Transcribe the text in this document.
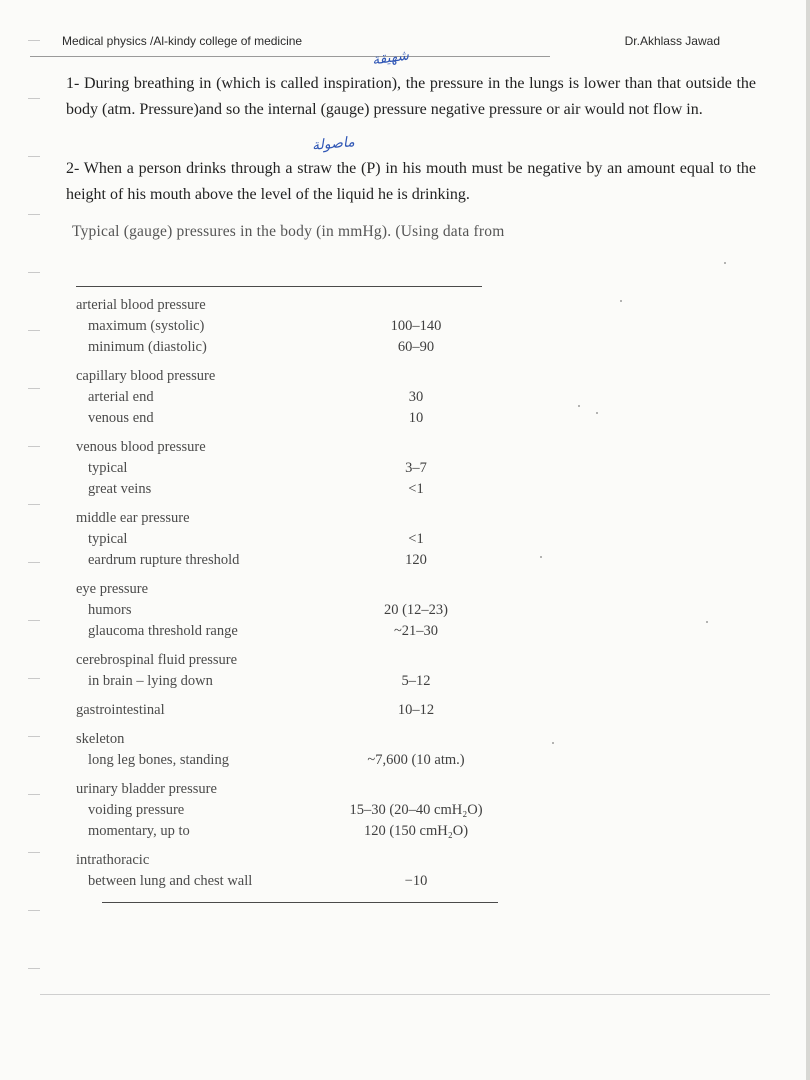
Medical physics /Al-kindy college of medicine	Dr.Akhlass Jawad
شهيقة
ماصولة

1- During breathing in (which is called inspiration), the pressure in the lungs is lower than that outside the body (atm. Pressure)and so the internal (gauge) pressure negative pressure or air would not flow in.

2- When a person drinks through a straw the (P) in his mouth must be negative by an amount equal to the height of his mouth above the level of the liquid he is drinking.

Typical (gauge) pressures in the body (in mmHg). (Using data from
arterial blood pressure
maximum (systolic)	100–140
minimum (diastolic)	60–90
capillary blood pressure
arterial end	30
venous end	10
venous blood pressure
typical	3–7
great veins	<1
middle ear pressure
typical	<1
eardrum rupture threshold	120
eye pressure
humors	20 (12–23)
glaucoma threshold range	~21–30
cerebrospinal fluid pressure
in brain – lying down	5–12
gastrointestinal	10–12
skeleton
long leg bones, standing	~7,600 (10 atm.)
urinary bladder pressure
voiding pressure	15–30 (20–40 cmH₂O)
momentary, up to	120 (150 cmH₂O)
intrathoracic
between lung and chest wall	−10
